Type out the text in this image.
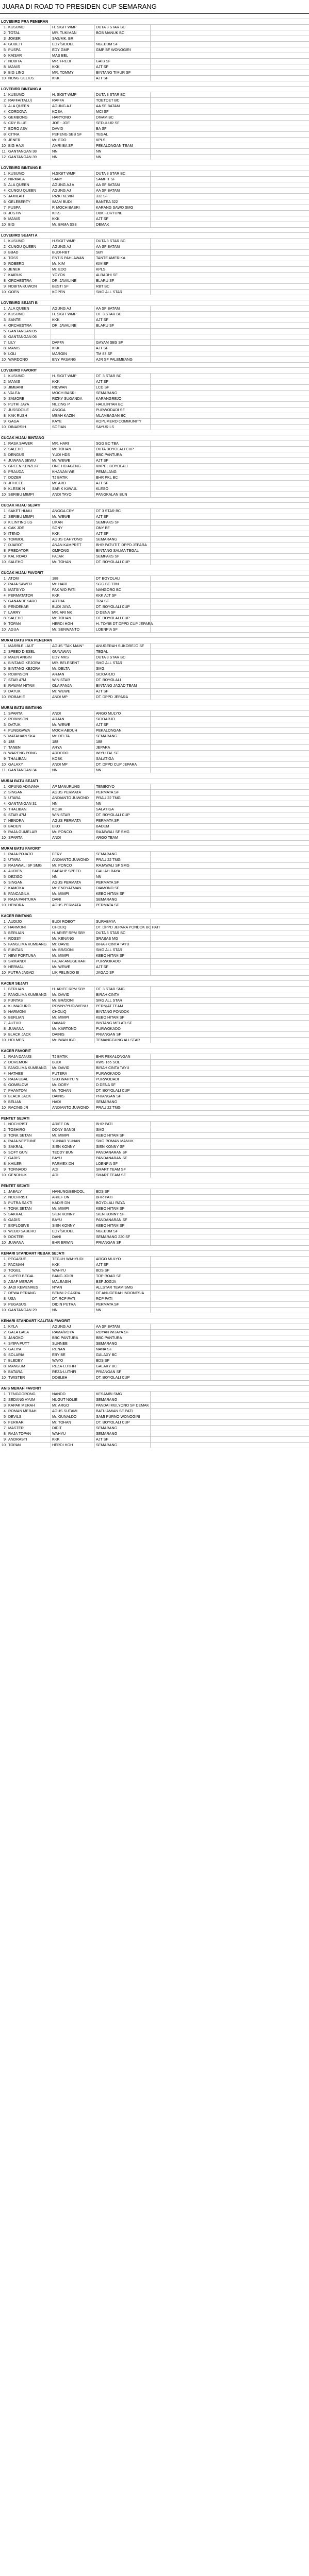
JUARA DI ROAD TO PRESIDEN CUP SEMARANG
LOVEBIRD PRA PENERAN
1 KUSUMO	H. SIGIT WMP	DUTA 3 STAR BC
2 TOTAL	MR. TUKIMAN	BOB MANUK BC
3 JOKER	SAS/MK. BR
4 GUBETI	EDY/SIDOEL	NGEBUM SF
5 PUSPA	EDY GMP	GMP BF WONOGIRI
6 KAISAR	MAS BEL
7 NOBITA	MR. FREDI	GAIB SF
8 MANIS	KKK	AJT SF
9 BIG LING	MR. TOMMY	BINTANG TIMUR SF
10 NONG GELIUS	KKK	AJT SF
LOVEBIRD BINTANG A
1 KUSUMO	H. SIGIT WMP	DUTA 3 STAR BC
2 RAFFA(TALU)	RAFFA	TOETOET BC
3 ALA QUEEN	AGUNG AJ	AA SF BATAM
4 CORDOVA	KOSA	MCI SF
5 GEMBONG	HARYONO	DIVAM BC
6 CRY BLUE	JOE - JOE	SEDULUR SF
7 BORO ASV	DAVID	BA SF
8 CITRA	PEPENG SBB SF	TEGAL
9 JENER	Mr. EDO	KPLS
10 BIG HAJI	AMRI BA SF	PEKALONGAN TEAM
11 GANTANGAN 38	NN	NN
12 GANTANGAN 39	NN	NN
LOVEBIRD BINTANG B
1 KUSUMO	H.SIGIT WMP	DUTA 3 STAR BC
2 NIRMALA	SANY	SAMPIT SF
3 ALA QUEEN	AGUNG AJ A	AA SF BATAM
4 CUNGU QUEEN	AGUNG AJ	AA SF BATAM
5 JAMILAH	RIZKI KEVIN	332 SF
6 GELEBERTY	IMAM BUDI	BANTEA 322
7 PUSPA	P. MOCH BASRI	KARANG SAWO SMG
8 JUSTIN	KIKS	DBK FORTUNE
9 MANIS	KKK	AJT SF
10 BIG	Mr. BAMA SS3	DEMAK
LOVEBIRD SEJATI A
1 KUSUMO	H.SIGIT WMP	DUTA 3 STAR BC
2 CUNGU QUEEN	AGUNG AJ	AA SF BATAM
3 BBAD	BUDI-RBT	SBY
4 TOSS	ENTIS PAHLAWAN	TANTE AMERIKA
5 ROBERD	Mr. KIM	KIM BF
6 JENER	Mr. EDO	KPLS
7 KAIRUK	YOYOK	ALBADHI SF
8 ORCHESTRA	DR. JAVALINE	BLARU SF
9 NOBITA KUWON	BESTI SF	RBT BC
10 GOEN	KOPEN	SMG ALL STAR
LOVEBIRD SEJATI B
1 ALA QUEEN	AGUNG AJ	AA SF BATAM
2 KUSUMO	H. SIGIT WMP	DT. 3 STAR BC
3 SANTE	KKK	AJT SF
4 ORCHESTRA	DR. JAVALINE	BLARU SF
5 GANTANGAN 05
6 GANTANGAN 06
7 LILY	DAFFA	GAYAM SBS SF
8 MANIS	KKK	AJT SF
9 LOLI	MARGIN	TM 83 SF
10 WARDONO	ENY PASANG	AJR SF PALEMBANG
LOVEBIRD FAVORIT
1 KUSUMO	H. SIGIT WMP	DT. 3 STAR BC
2 MANIS	KKK	AJT SF
3 JIMBANI	RIDWAN	LCD SF
4 VALEA	MOCH BASRI	SEMARANG
5 SAMORE	RIZKY SUGANDA	KARANGREJO
6 PUTRI JAYA	NUZING P	HALILINTAR BC
7 JUSSOCILE	ANGGA	PURWODADI SF
8 KAK RUSH	MBAH KAZIN	MLAMBAGAN BC
9 GAGA	KAYE	KOPUMERO COMMUNITY
10 DINARSIH	SOFIAN	SAYUR LS
CUCAK HIJAU BINTANG
1 RASA SAWER	MR. HARI	SGG BC TBA
2 SALEHO	Mr. TOHAN	DUTA BOYOLALI CUP
3 DENGUS	YUDI HDS	BBC PANTURA
4 JUWANA SEWU	Mr. WEWE	AJT SF
5 GREEN KENZLIR	ONE HD AGENG	KMPEL BOYOLALI
6 PRAUDA	KHANAN WE	PEMALANG
7 DOZER	TJ BATIK	BHR PKL BC
8 JITHEEE	Mr. ARD	AJT SF
9 KLESIK N	SAR K KAWUL	KLESO
10 SERIBU MIMPI	ANDI TAYO	PANGKALAN BUN
CUCAK HIJAU SEJATI
1 SAKET HIJAU	ANGGA CRY	DT 3 STAR BC
2 SERIBU MIMPI	Mr. WEWE	AJT SF
3 KILINTING LG	LIKAN	SEMPAKS SF
4 CAK JOE	SONY	ONY BF
5 ITENO	KKK	AJT SF
6 TOMBOL	AGUS CAHYONO	SEMARANG
7 DJAROT	ANAN KAMPRET	BHR PATUTIT, DPPD JEPARA
8 PREDATOR	OMPONG	BINTANG SALMA TEGAL
9 KAL ROAD	FAJAR	SEMPAKS SF
10 SALEHO	Mr. TOHAN	DT. BOYOLALI CUP
CUCAK HIJAU FAVORIT
1 ATOM	188	DT BOYOLALI
2 RAJA SAWER	Mr. HARI	SGG BC TBN
3 MATSIYO	PAK WO PATI	NANGORO BC
4 PERMATATOR	KKK	KKK AJT SF
5 GANANDEKARO	ARTHA	TRA SF
6 PENDEKAR	BUDI JAYA	DT. BOYOLALI CUP
7 LARRY	MR. ARI NK	D DENA SF
8 SALEHO	Mr. TOHAN	DT. BOYOLALI CUP
9 TOPAN	HERDI HGH	H. TOYIB DT DPPD CUP JEPARA
10 AGUA	Mr. SENWANTO	LOENPIA SF
MURAI BATU PRA PENERAN
1 MARBLE LAUT	AGUS "TAK MAIN"	ANUGERAH SUKOREJO SF
2 SPEED DIESEL	GUNAWAN	TEGAL
3 MAEN ANGIN	EDY MKS	DUTA 3 STAR BC
4 BINTANG KEJORA	MR. BELESENT	SMG ALL STAR
5 BINTANG KEJORA	Mr. DELTA	SMG
6 ROBINSON	ARJAN	SIDOARJO
7 STAR 47M	WIN STAR	DT. BOYOLALI
8 RAWAM HITAM	OLA FANJA	BINTANG JAGAD TEAM
9 DATUK	Mr. WEWE	AJT SF
10 ROBAHIE	ANDI MP	DT. DPPD JEPARA
MURAI BATU BINTANG
1 SPARTA	ANDI	ARGO MULYO
2 ROBINSON	ARJAN	SIDOARJO
3 DATUK	Mr. WEWE	AJT SF
4 PUNGGAWA	MOCH ABDUH	PEKALONGAN
5 MATAHARI SKA	Mr. DELTA	SEMARANG
6 188	188	188
7 TANEN	ARYA	JEPARA
8 WARENG PONG	ARDODO	WIYU TAL SF
9 THALIBAN	KOBK	SALATIGA
10 GALAXY	ANDI MP	DT. DPPD CUP JEPARA
11 GANTANGAN 34	NN	NN
MURAI BATU SEJATI
1 OPUNG ADINANA	AP MANURUNG	TEMBOYO
2 SINGAN	AGUS PERMATA	PERMATA SF
3 UTARA	ANDIANTO JUWONO	PRAU 22 TMG
4 GANTANGAN 31	NN	NN
5 THALIBAN	KOBK	SALATIGA
6 STAR 47M	WIN STAR	DT. BOYOLALI CUP
7 HENDRA	AGUS PERMATA	PERMATA SF
8 BADEN	EKO	BADEM
9 RAJA GUMELAR	Mr. PONCO	RAJAWALI SF SMG
10 SPARTA	ANDI	ARGO TEAM
MURAI BATU FAVORIT
1 RAJA POJATO	FERY	SEMARANG
2 UTARA	ANDIANTO JUWONO	PRAU 22 TMG
3 RAJAWALI SF SMG	Mr. PONCO	RAJAWALI SF SMG
4 AUDIEN	BABAHP SPEED	GALIAH RAYA
5 DEZIGO	NN	NN
6 SINGAN	AGUS PERMATA	PERMATA SF
7 KAMOKA	Mr. ENDYATMAN	DIAMOND SF
8 PANCAGILA	Mr. MIMPI	KEBO HITAM SF
9 RAJA PANTURA	DANI	SEMARANG
10 HENDRA	AGUS PERMATA	PERMATA SF
KACER BINTANG
1 AUDIJO	BUDI ROBOT	SURABAYA
2 HARMONI	CHOLIQ	DT. DPPD JEPARA PONDOK BC PATI
3 BERLIAN	H. ARIEF RPM SBY	DUTA 3 STAR BC
4 ROSSY	Mr. KENANG	SRABAS MG
5 FANGLIMA KUMBANG	Mr. DAVID	BIRAH CINTA TAYU
6 FUNTAS	Mr. BR/DONI	SMG ALL STAR
7 NEW FORTUNA	Mr. MIMPI	KEBO HITAM SF
8 SRIKANDI	FAJAR ANUGERAH	PURWOKADO
9 HERMAL	Mr. WEWE	AJT SF
10 PUTRA JAGAD	LIK PELINDO III	JAGAD SF
KACER SEJATI
1 BERLIAN	H. ARIEF RPM SBY	DT. 3 STAR SMG
2 FANGLIMA KUMBANG	Mr. DAVID	BIRAH CINTA
3 FUNTAS	Mr. BR/DONI	SMG ALL STAR
4 KLIMAGURO	RONNY/YUDI/WENU	PERNIAT TEAM
5 HARMONI	CHOLIQ	BINTANG PONDOK
6 BERLIAN	Mr. MIMPI	KEBO HITAM SF
7 AUTUR	DAMAR	BINTANG MELATI SF
8 JUWANA	Mr. KARTONO	PURWOKADO
9 BLACK JACK	DAINIS	PRIANGAN SF
10 HOLMES	Mr. IWAN IGO	TEMANGGUNG ALLSTAR
KACER FAVORIT
1 RAJA DANUS	TJ BATIK	BHR PEKALONGAN
2 DOREMON	BUDI	KWS 165 SOL
3 FANGLIMA KUMBANG	Mr. DAVID	BIRAH CINTA TAYU
4 HATHEE	PUTERA	PURWOKADO
5 RAJA UBAL	SKO WAHYU N	PURWODADI
6 GOMBLOW	Mr. DORY	D DENA SF
7 PHANTOM	Mr. TOHAN	DT. BOYOLALI CUP
8 BLACK JACK	DAINIS	PRIANGAN SF
9 BELIAN	HADI	SEMARANG
10 RACING JR	ANDIANTO JUWONO	PRAU 22 TMG
PENTET SEJATI
1 NOCHRIST	ARIEF DN	BHR PATI
2 TOSHIRO	DONY SANDI	SMG
3 TONK SETAN	Mr. MIMPI	KEBO HITAM SF
4 RAJA NEPTUNE	YUNIAR YUNAN	SMG ROMAN MANUK
5 SAKRAL	SIEN KONNY	SIEN KONNY SF
6 SOFT GUN	TEDDY BUN	PANDANARAN SF
7 GADIS	BAYU	PANDANARAN SF
8 KHILER	PARMEX DN	LOENPIA SF
9 TORNADO	ADI	SMART TEAM SF
10 GENDHUK	ADI	SMART TEAM SF
PENTET SEJATI
1 JABALY	HANUNG/BENDOL	BDS SF
2 NOCHRIST	ARIEF DN	BHR PATI
3 PUTRA SAKTI	KADIR DN	BOYOLALI RAYA
4 TONK SETAN	Mr. MIMPI	KEBO HITAM SF
5 SAKRAL	SIEN KONNY	SIEN KONNY SF
6 GADIS	BAYU	PANDANARAN SF
7 EXPLOSIVE	SIEN KONNY	KEBO HITAM SF
8 WEBO SABERO	EDY/SIDOEL	NGEBUM SF
9 DOKTER	DANI	SEMARANG 220 SF
10 JUWANA	BHR ERWIN	PRIANGAN SF
KENARI STANDART REBAK SEJATI
1 PEGASUE	TEGUH WAHYUDI	ARGO MULYO
2 PACMAN	KKK	AJT SF
3 TOGEL	WAHYU	BDS SF
4 SUPER BEGAL	BANG JOIRI	TOP ROAD SF
5 ASAP MERAPI	MALEASIH	BSF JOGJA
6 JADI KEMENRES	NYAN	ALLSTAR TEAM SMG
7 DEWA PERANG	BENNI 2 CAKRA	DT ANUGERAH INDONESIA
8 USA	DT. RCP PATI	RCP PATI
9 PEGASUS	DIDIN PUTRA	PERMATA SF
10 GANTANGAN 29	NN	NN
KENARI STANDART KALITAN FAVORIT
1 KYLA	AGUNG AJ	AA SF BATAM
2 GALA GALA	RAMA/ROYA	ROYAN WIJAYA SF
3 JANOKO	BBC PANTURA	BBC PANTURA
4 SYIFA PUTT	SUNNEE	SEMARANG
5 GALIYA	RUNAN	NANA SF
6 SOLARIA	EBY BE	GALAXY BC
7 BLEDEY	WAYO	BDS SF
8 MANGUM	REZA-LUTHFI	GALAXY BC
9 BATARA	REZA-LUTHFI	PRIANGAN SF
10 TWISTER	DOBLEH	DT. BOYOLALI CUP
ANIS MERAH FAVORIT
1 TENGGORONG	NANDO	KESAMBI SMG
2 SEDANG AYUM	NUGUT NOLIE	SEMARANG
3 KAPAK MERAH	Mr. ARGO	PANDAI MULYONO SF DEMAK
4 ROMAN MERAH	AGUS SUTAMI	BATU AMIAN SF PATI
5 DEVILS	Mr. GUNALDO	SAMI PURNO WONOGIRI
6 FERRARI	Mr. TOHAN	DT. BOYOLALI CUP
7 MASTER	DIDIT	SEMARANG
8 RAJA TOPAN	WAHYU	SEMARANG
9 ANDRASTI	KKK	AJT SF
10 TOPAN	HERDI HGH	SEMARANG
